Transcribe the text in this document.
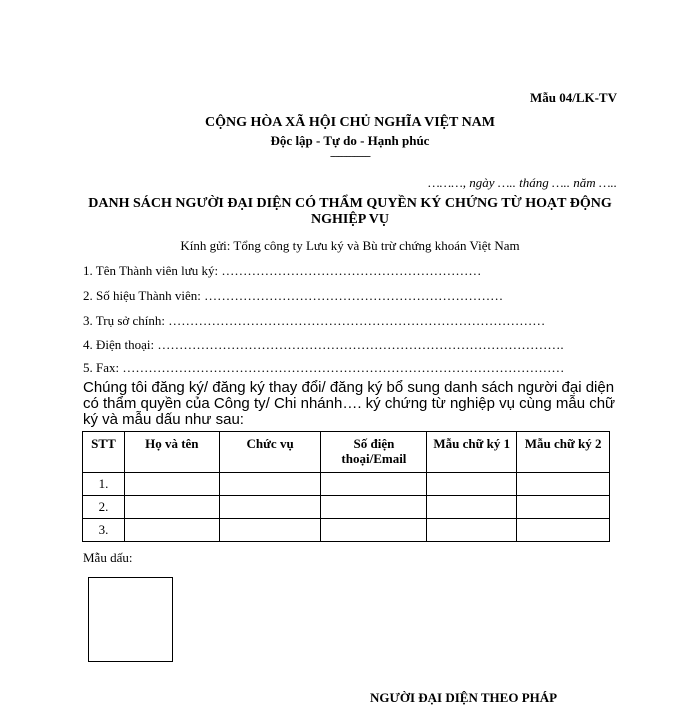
Mẫu 04/LK-TV
CỘNG HÒA XÃ HỘI CHỦ NGHĨA VIỆT NAM
Độc lập - Tự do - Hạnh phúc
---------------
………, ngày ….. tháng ….. năm …..
DANH SÁCH NGƯỜI ĐẠI DIỆN CÓ THẨM QUYỀN KÝ CHỨNG TỪ HOẠT ĐỘNG NGHIỆP VỤ
Kính gửi: Tổng công ty Lưu ký và Bù trừ chứng khoán Việt Nam
1. Tên Thành viên lưu ký: ……………………………………………………
2. Số hiệu Thành viên: ……………………………………………………………
3. Trụ sở chính: ……………………………………………………………………………
4. Điện thoại: ………………………………………………………………………………….
5. Fax: …………………………………………………………………………………………
Chúng tôi đăng ký/ đăng ký thay đổi/ đăng ký bổ sung danh sách người đại diện có thẩm quyền của Công ty/ Chi nhánh…. ký chứng từ nghiệp vụ cùng mẫu chữ ký và mẫu dấu như sau:
STT	Họ và tên	Chức vụ	Số điện thoại/Email	Mẫu chữ ký 1	Mẫu chữ ký 2
1.					
2.					
3.					
Mẫu dấu:
NGƯỜI ĐẠI DIỆN THEO PHÁP
